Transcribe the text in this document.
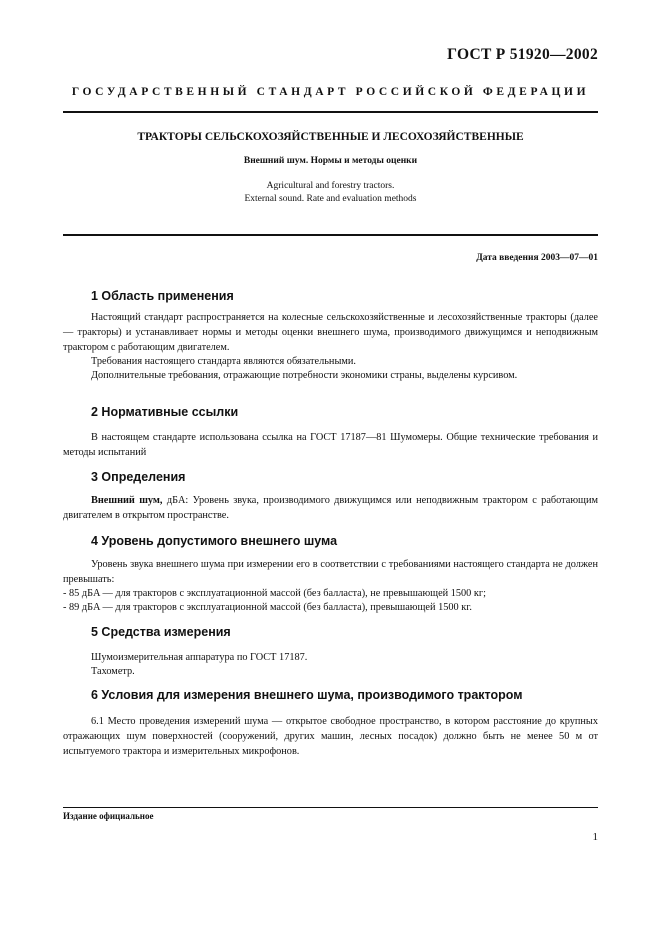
ГОСТ Р 51920—2002
ГОСУДАРСТВЕННЫЙ СТАНДАРТ РОССИЙСКОЙ ФЕДЕРАЦИИ
ТРАКТОРЫ СЕЛЬСКОХОЗЯЙСТВЕННЫЕ И ЛЕСОХОЗЯЙСТВЕННЫЕ
Внешний шум. Нормы и методы оценки
Agricultural and forestry tractors.
External sound. Rate and evaluation methods
Дата введения 2003—07—01
1 Область применения
Настоящий стандарт распространяется на колесные сельскохозяйственные и лесохозяйственные тракторы (далее — тракторы) и устанавливает нормы и методы оценки внешнего шума, производимого движущимся и неподвижным трактором с работающим двигателем.
Требования настоящего стандарта являются обязательными.
Дополнительные требования, отражающие потребности экономики страны, выделены курсивом.
2 Нормативные ссылки
В настоящем стандарте использована ссылка на ГОСТ 17187—81 Шумомеры. Общие технические требования и методы испытаний
3 Определения
Внешний шум, дБA: Уровень звука, производимого движущимся или неподвижным трактором с работающим двигателем в открытом пространстве.
4 Уровень допустимого внешнего шума
Уровень звука внешнего шума при измерении его в соответствии с требованиями настоящего стандарта не должен превышать:
- 85 дБA — для тракторов с эксплуатационной массой (без балласта), не превышающей 1500 кг;
- 89 дБA — для тракторов с эксплуатационной массой (без балласта), превышающей 1500 кг.
5 Средства измерения
Шумоизмерительная аппаратура по ГОСТ 17187.
Тахометр.
6 Условия для измерения внешнего шума, производимого трактором
6.1 Место проведения измерений шума — открытое свободное пространство, в котором расстояние до крупных отражающих шум поверхностей (сооружений, других машин, лесных посадок) должно быть не менее 50 м от испытуемого трактора и измерительных микрофонов.
Издание официальное
1
